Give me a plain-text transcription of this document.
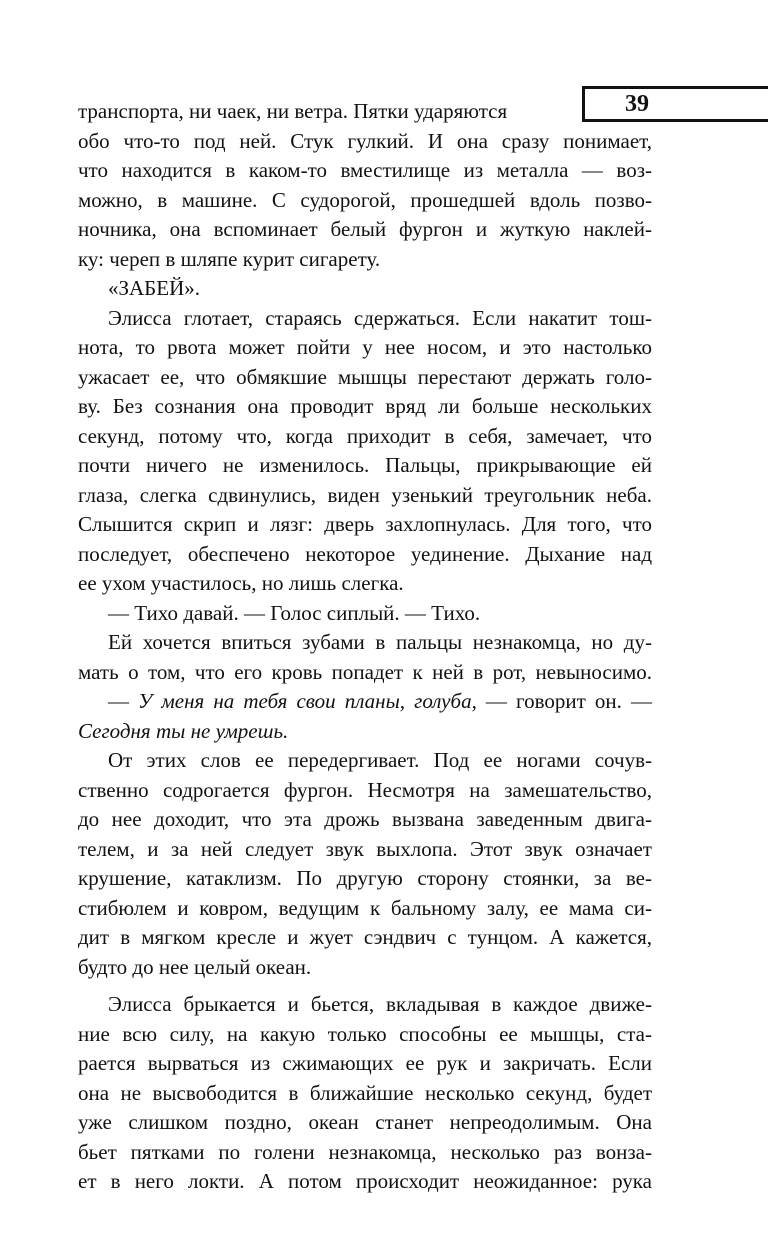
39
транспорта, ни чаек, ни ветра. Пятки ударяются
обо что-то под ней. Стук гулкий. И она сразу понимает,
что находится в каком-то вместилище из металла — воз-
можно, в машине. С судорогой, прошедшей вдоль позво-
ночника, она вспоминает белый фургон и жуткую наклей-
ку: череп в шляпе курит сигарету.
«ЗАБЕЙ».
Элисса глотает, стараясь сдержаться. Если накатит тош-
нота, то рвота может пойти у нее носом, и это настолько
ужасает ее, что обмякшие мышцы перестают держать голо-
ву. Без сознания она проводит вряд ли больше нескольких
секунд, потому что, когда приходит в себя, замечает, что
почти ничего не изменилось. Пальцы, прикрывающие ей
глаза, слегка сдвинулись, виден узенький треугольник неба.
Слышится скрип и лязг: дверь захлопнулась. Для того, что
последует, обеспечено некоторое уединение. Дыхание над
ее ухом участилось, но лишь слегка.
— Тихо давай. — Голос сиплый. — Тихо.
Ей хочется впиться зубами в пальцы незнакомца, но ду-
мать о том, что его кровь попадет к ней в рот, невыносимо.
— У меня на тебя свои планы, голуба, — говорит он. —
Сегодня ты не умрешь.
От этих слов ее передергивает. Под ее ногами сочув-
ственно содрогается фургон. Несмотря на замешательство,
до нее доходит, что эта дрожь вызвана заведенным двига-
телем, и за ней следует звук выхлопа. Этот звук означает
крушение, катаклизм. По другую сторону стоянки, за ве-
стибюлем и ковром, ведущим к бальному залу, ее мама си-
дит в мягком кресле и жует сэндвич с тунцом. А кажется,
будто до нее целый океан.
Элисса брыкается и бьется, вкладывая в каждое движе-
ние всю силу, на какую только способны ее мышцы, ста-
рается вырваться из сжимающих ее рук и закричать. Если
она не высвободится в ближайшие несколько секунд, будет
уже слишком поздно, океан станет непреодолимым. Она
бьет пятками по голени незнакомца, несколько раз вонза-
ет в него локти. А потом происходит неожиданное: рука
